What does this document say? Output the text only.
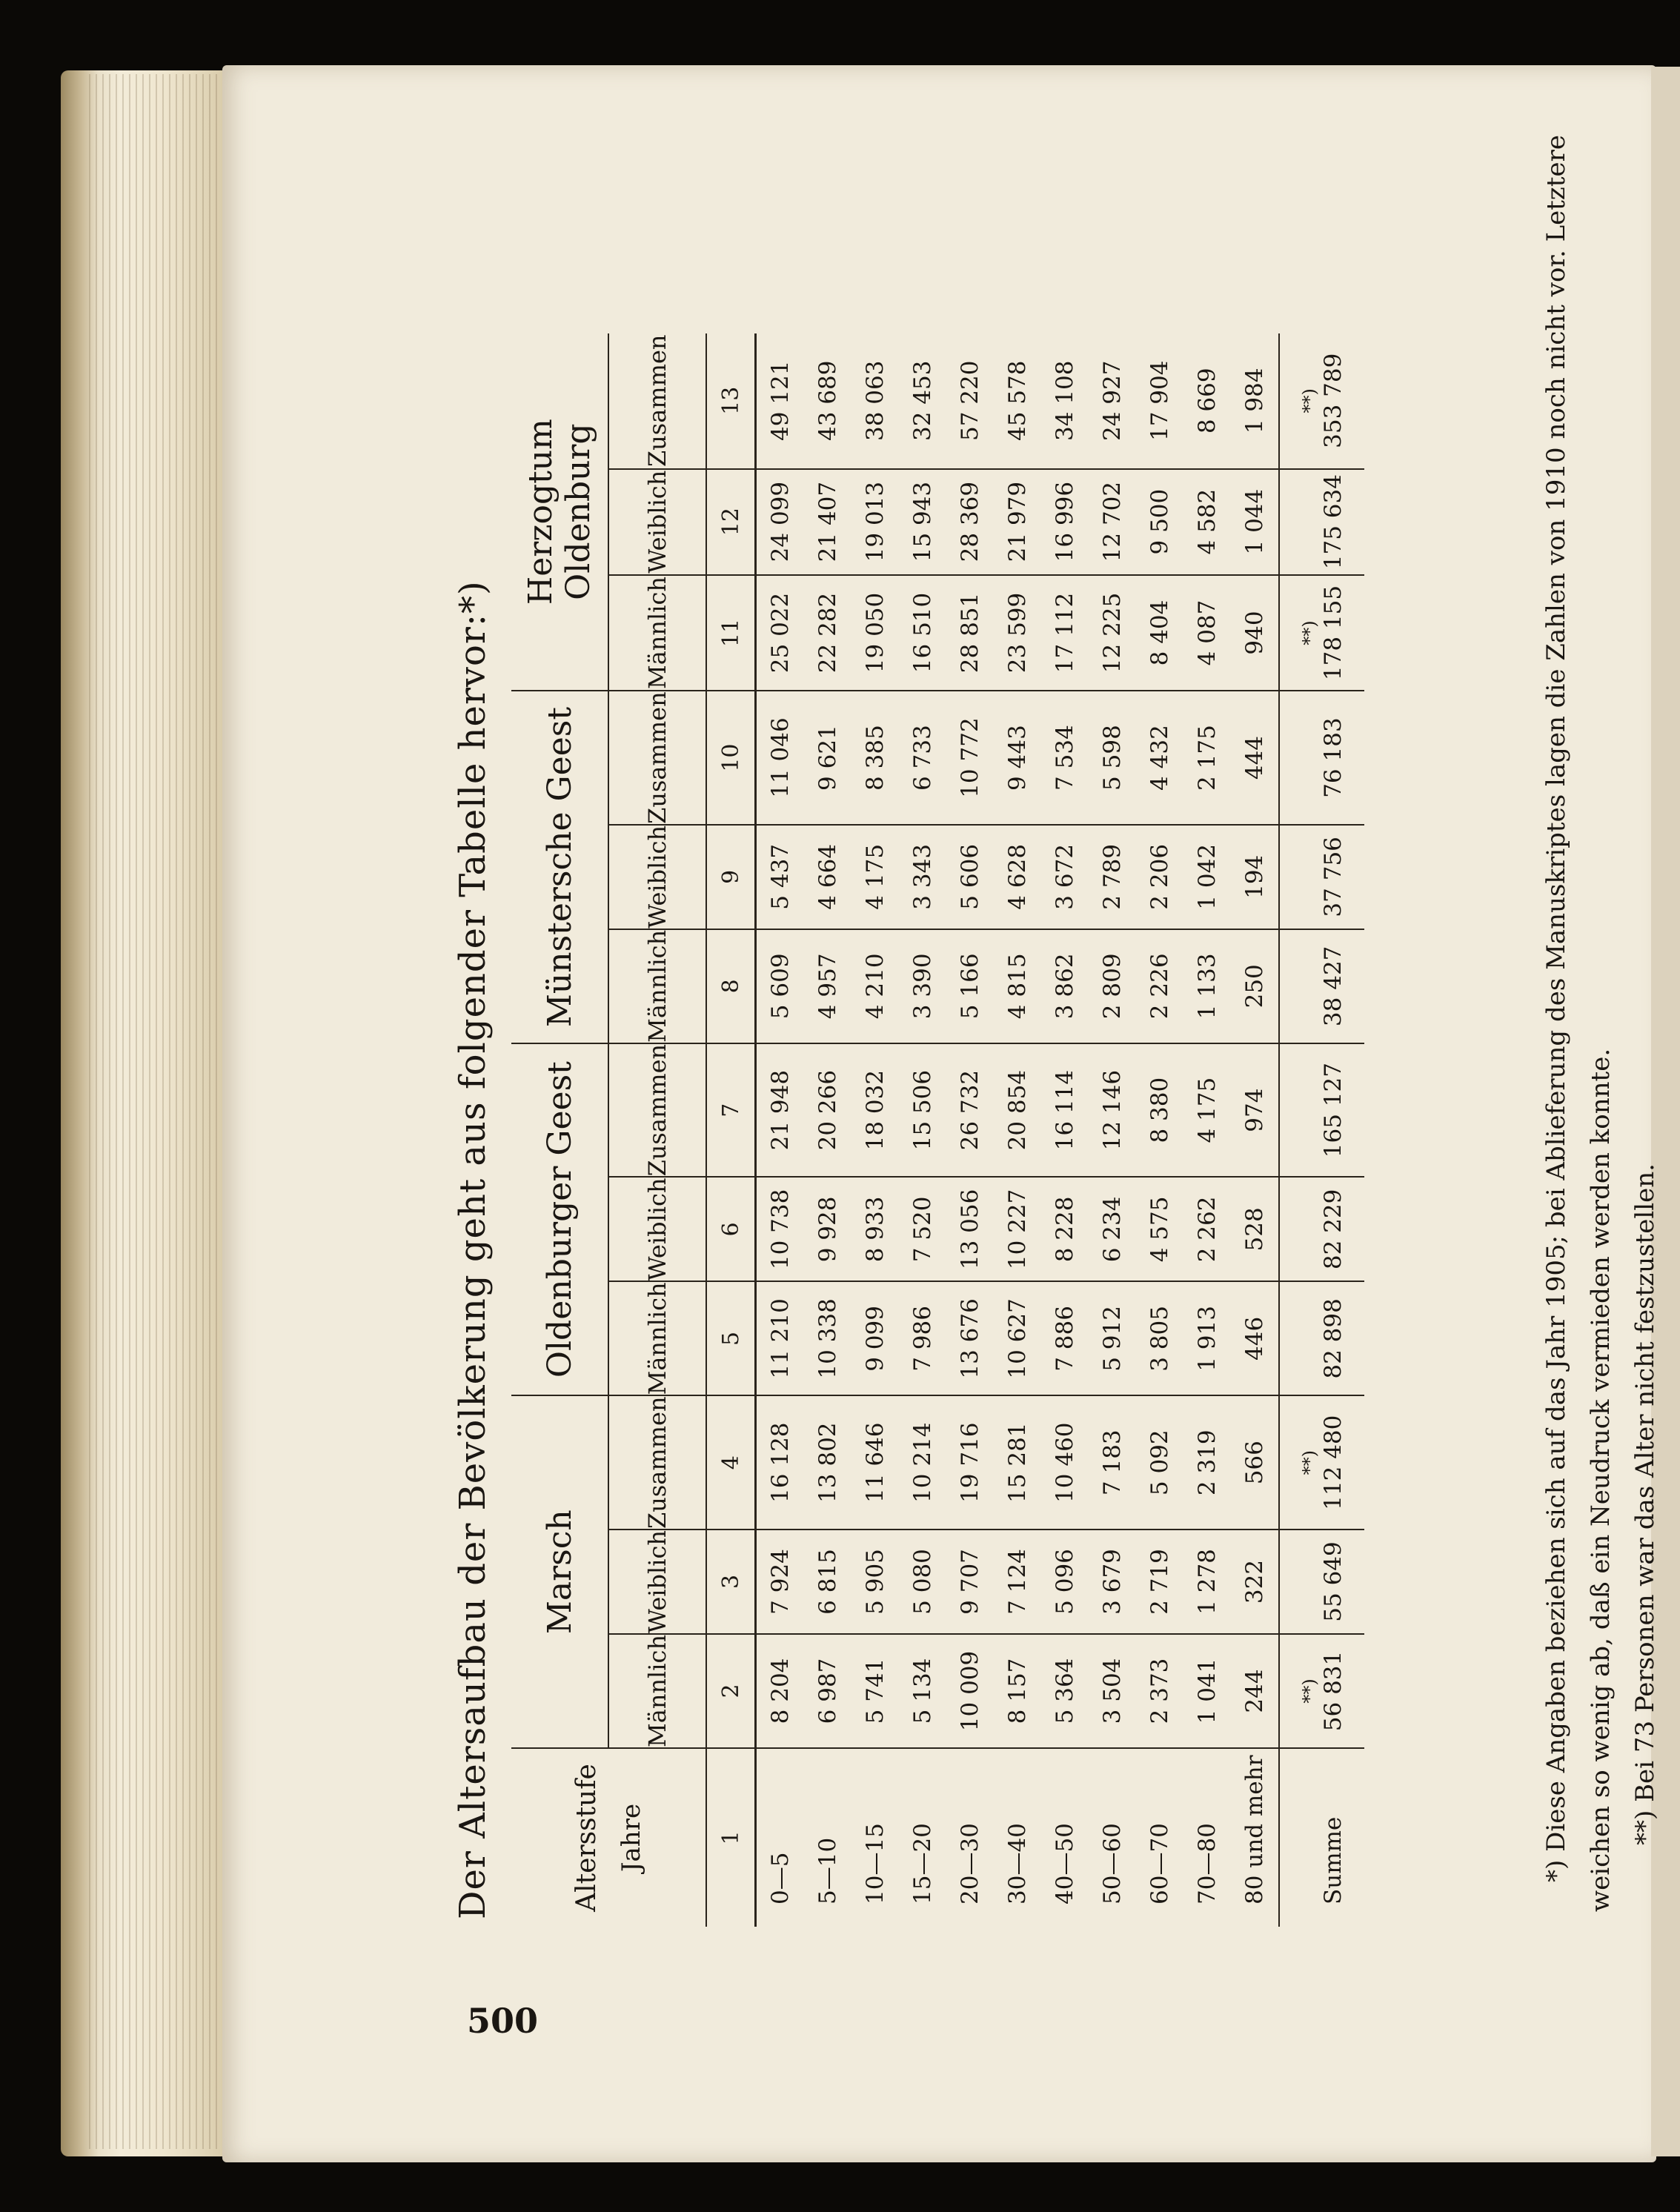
Der Altersaufbau der Bevölkerung geht aus folgender Tabelle hervor:*)	Altersstufe Jahre	Marsch			Oldenburger Geest			Münstersche Geest			Herzogtum Oldenburg		
	Männlich	Weiblich	Zusammen	Männlich	Weiblich	Zusammen	Männlich	Weiblich	Zusammen	Männlich	Weiblich	Zusammen
1	2	3	4	5	6	7	8	9	10	11	12	13
0—5	8 204	7 924	16 128	11 210	10 738	21 948	5 609	5 437	11 046	25 022	24 099	49 121
5—10	6 987	6 815	13 802	10 338	9 928	20 266	4 957	4 664	9 621	22 282	21 407	43 689
10—15	5 741	5 905	11 646	9 099	8 933	18 032	4 210	4 175	8 385	19 050	19 013	38 063
15—20	5 134	5 080	10 214	7 986	7 520	15 506	3 390	3 343	6 733	16 510	15 943	32 453
20—30	10 009	9 707	19 716	13 676	13 056	26 732	5 166	5 606	10 772	28 851	28 369	57 220
30—40	8 157	7 124	15 281	10 627	10 227	20 854	4 815	4 628	9 443	23 599	21 979	45 578
40—50	5 364	5 096	10 460	7 886	8 228	16 114	3 862	3 672	7 534	17 112	16 996	34 108
50—60	3 504	3 679	7 183	5 912	6 234	12 146	2 809	2 789	5 598	12 225	12 702	24 927
60—70	2 373	2 719	5 092	3 805	4 575	8 380	2 226	2 206	4 432	8 404	9 500	17 904
70—80	1 041	1 278	2 319	1 913	2 262	4 175	1 133	1 042	2 175	4 087	4 582	8 669
80 und mehr	244	322	566	446	528	974	250	194	444	940	1 044	1 984
	**)		**)							**)		**)
Summe	56 831	55 649	112 480	82 898	82 229	165 127	38 427	37 756	76 183	178 155	175 634	353 789	*) Diese Angaben beziehen sich auf das Jahr 1905; bei Ablieferung des Manuskriptes lagen die Zahlen von 1910 noch nicht vor. Letztere weichen so wenig ab, daß ein Neudruck vermieden werden konnte. **) Bei 73 Personen war das Alter nicht festzustellen.
500
